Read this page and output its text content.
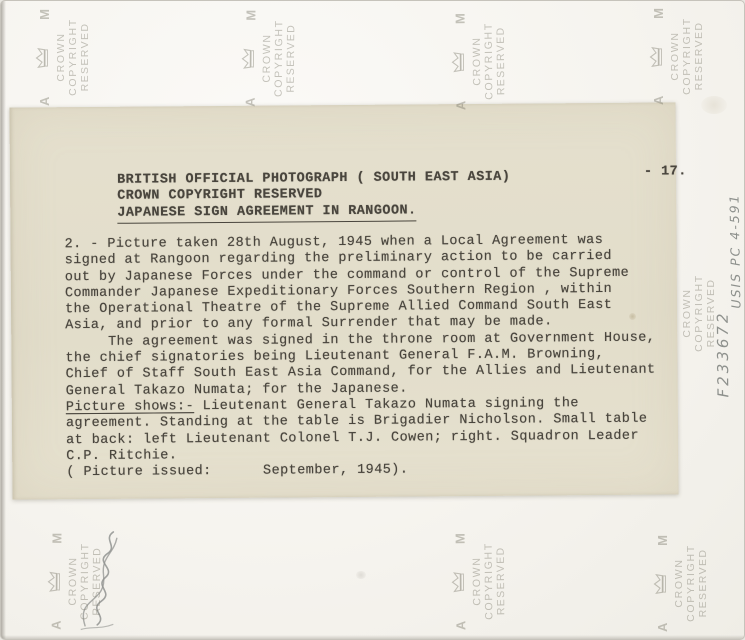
- 17.
BRITISH OFFICIAL PHOTOGRAPH ( SOUTH EAST ASIA)
CROWN COPYRIGHT RESERVED
JAPANESE SIGN AGREEMENT IN RANGOON.
2. - Picture taken 28th August, 1945 when a Local Agreement was
signed at Rangoon regarding the preliminary action to be carried
out by Japanese Forces under the command or control of the Supreme
Commander Japanese Expeditionary Forces Southern Region , within
the Operational Theatre of the Supreme Allied Command South East
Asia, and prior to any formal Surrender that may be made.
The agreement was signed in the throne room at Government House,
the chief signatories being Lieutenant General F.A.M. Browning,
Chief of Staff South East Asia Command, for the Allies and Lieutenant
General Takazo Numata; for the Japanese.
Picture shows:- Lieutenant General Takazo Numata signing the
agreement. Standing at the table is Brigadier Nicholson. Small table
at back: left Lieutenant Colonel T.J. Cowen; right. Squadron Leader
C.P. Ritchie.
( Picture issued:      September, 1945).
F233672
USIS PC 4-591
A
M
CROWN COPYRIGHT RESERVED
A
M
CROWN COPYRIGHT RESERVED
A
M
CROWN COPYRIGHT RESERVED
A
M
CROWN COPYRIGHT RESERVED
CROWN COPYRIGHT RESERVED
A
M
CROWN COPYRIGHT RESERVED
A
M
CROWN COPYRIGHT RESERVED
A
M
CROWN COPYRIGHT RESERVED
